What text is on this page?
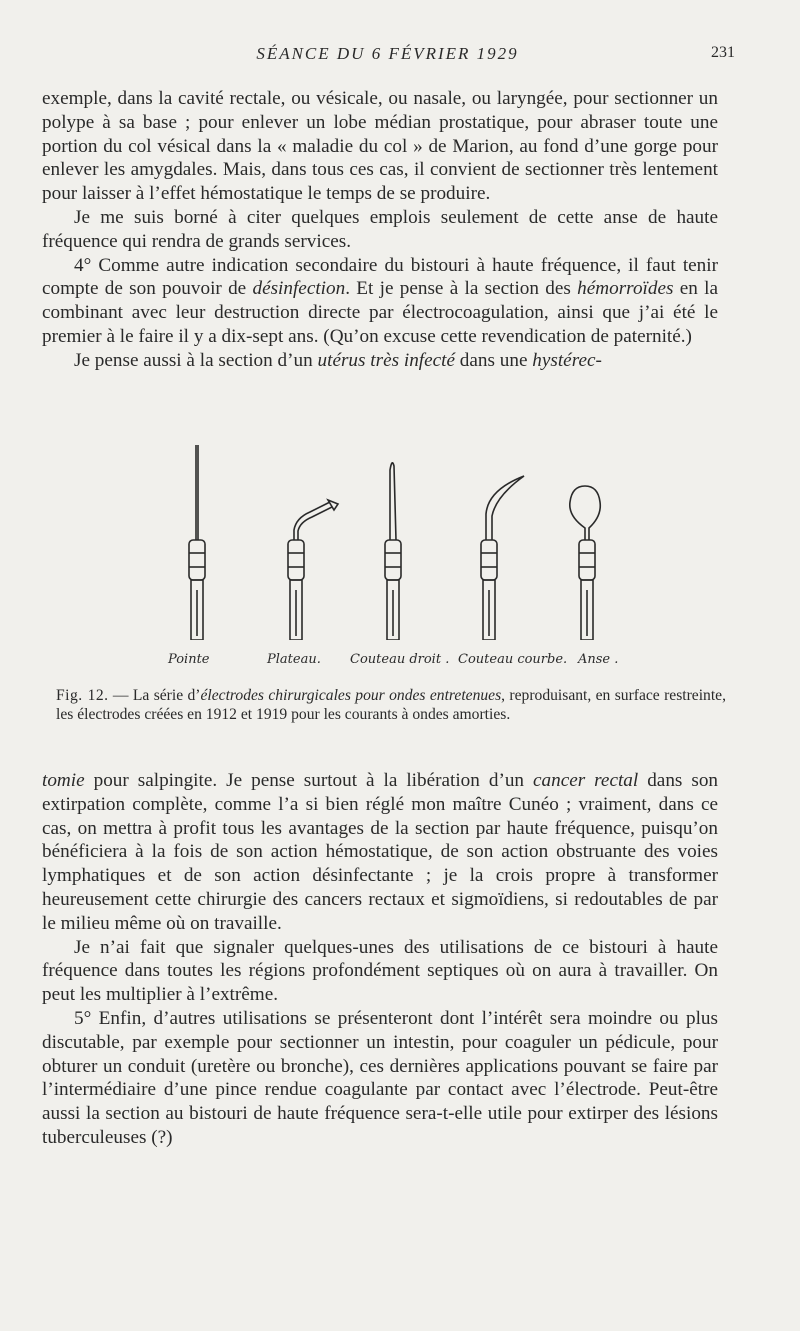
SÉANCE DU 6 FÉVRIER 1929	231

exemple, dans la cavité rectale, ou vésicale, ou nasale, ou laryngée, pour sectionner un polype à sa base ; pour enlever un lobe médian prostatique, pour abraser toute une portion du col vésical dans la « maladie du col » de Marion, au fond d’une gorge pour enlever les amygdales. Mais, dans tous ces cas, il convient de sectionner très lentement pour laisser à l’effet hémostatique le temps de se produire.

Je me suis borné à citer quelques emplois seulement de cette anse de haute fréquence qui rendra de grands services.

4° Comme autre indication secondaire du bistouri à haute fréquence, il faut tenir compte de son pouvoir de désinfection. Et je pense à la section des hémorroïdes en la combinant avec leur destruction directe par électrocoagulation, ainsi que j’ai été le premier à le faire il y a dix-sept ans. (Qu’on excuse cette revendication de paternité.)

Je pense aussi à la section d’un utérus très infecté dans une hystérec-

Pointe	Plateau. Couteau droit . Couteau courbe. Anse .
Fig. 12. — La série d’électrodes chirurgicales pour ondes entretenues, reproduisant, en surface restreinte, les électrodes créées en 1912 et 1919 pour les courants à ondes amorties.

tomie pour salpingite. Je pense surtout à la libération d’un cancer rectal dans son extirpation complète, comme l’a si bien réglé mon maître Cunéo ; vraiment, dans ce cas, on mettra à profit tous les avantages de la section par haute fréquence, puisqu’on bénéficiera à la fois de son action hémostatique, de son action obstruante des voies lymphatiques et de son action désinfectante ; je la crois propre à transformer heureusement cette chirurgie des cancers rectaux et sigmoïdiens, si redoutables de par le milieu même où on travaille.

Je n’ai fait que signaler quelques-unes des utilisations de ce bistouri à haute fréquence dans toutes les régions profondément septiques où on aura à travailler. On peut les multiplier à l’extrême.

5° Enfin, d’autres utilisations se présenteront dont l’intérêt sera moindre ou plus discutable, par exemple pour sectionner un intestin, pour coaguler un pédicule, pour obturer un conduit (uretère ou bronche), ces dernières applications pouvant se faire par l’intermédiaire d’une pince rendue coagulante par contact avec l’électrode. Peut-être aussi la section au bistouri de haute fréquence sera-t-elle utile pour extirper des lésions tuberculeuses (?)
